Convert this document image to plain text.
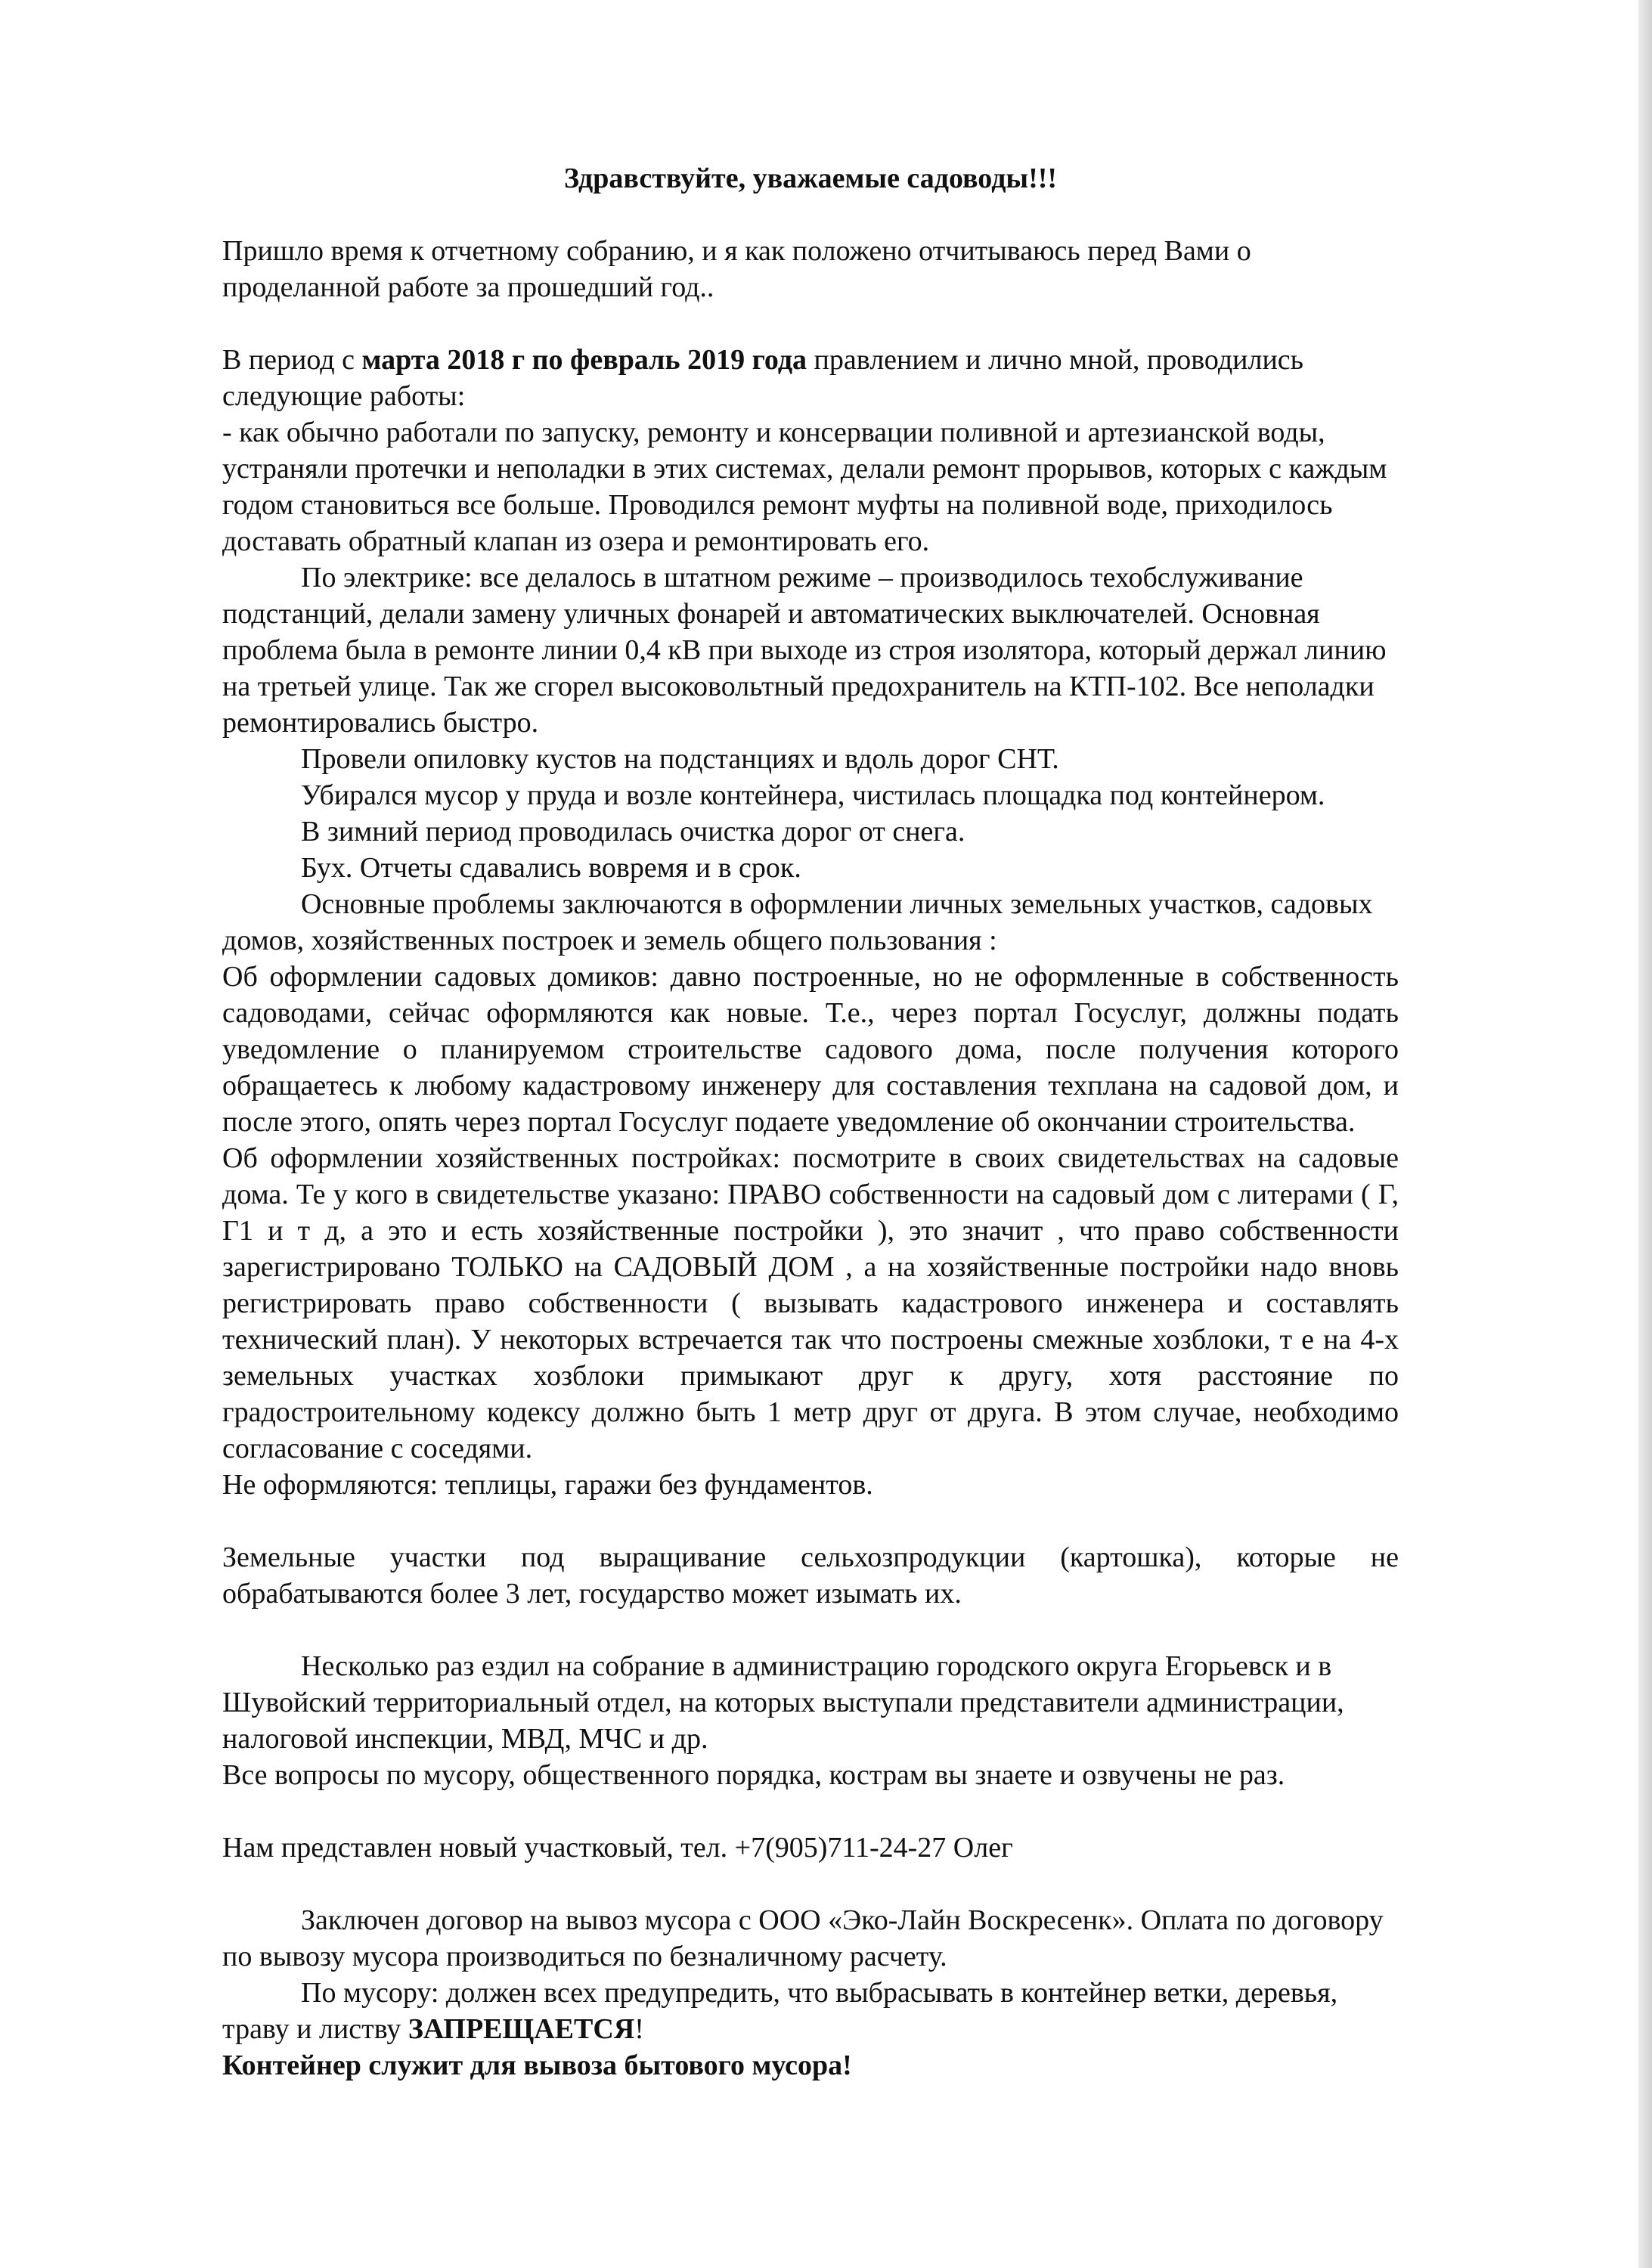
Здравствуйте, уважаемые садоводы!!!

Пришло время к отчетному собранию, и я как положено отчитываюсь перед Вами о проделанной работе за прошедший год..

В период с марта 2018 г по февраль 2019 года правлением и лично мной, проводились следующие работы:

- как обычно работали по запуску, ремонту и консервации поливной и артезианской воды, устраняли протечки и неполадки в этих системах, делали ремонт прорывов, которых с каждым годом становиться все больше. Проводился ремонт муфты на поливной воде, приходилось доставать обратный клапан из озера и ремонтировать его.

По электрике: все делалось в штатном режиме – производилось техобслуживание подстанций, делали замену уличных фонарей и автоматических выключателей. Основная проблема была в ремонте линии 0,4 кВ при выходе из строя изолятора, который держал линию на третьей улице. Так же сгорел высоковольтный предохранитель на КТП-102. Все неполадки ремонтировались быстро.

Провели опиловку кустов на подстанциях и вдоль дорог СНТ.

Убирался мусор у пруда и возле контейнера, чистилась площадка под контейнером.

В зимний период проводилась очистка дорог от снега.

Бух. Отчеты сдавались вовремя и в срок.

Основные проблемы заключаются в оформлении личных земельных участков, садовых домов, хозяйственных построек и земель общего пользования :

Об оформлении садовых домиков: давно построенные, но не оформленные в собственность садоводами, сейчас оформляются как новые. Т.е., через портал Госуслуг, должны подать уведомление о планируемом строительстве садового дома, после получения которого обращаетесь к любому кадастровому инженеру для составления техплана на садовой дом, и после этого, опять через портал Госуслуг подаете уведомление об окончании строительства.

Об оформлении хозяйственных постройках: посмотрите в своих свидетельствах на садовые дома. Те у кого в свидетельстве указано: ПРАВО собственности на садовый дом с литерами ( Г, Г1 и т д, а это и есть хозяйственные постройки ), это значит , что право собственности зарегистрировано ТОЛЬКО на САДОВЫЙ ДОМ , а на хозяйственные постройки надо вновь регистрировать право собственности ( вызывать кадастрового инженера и составлять технический план). У некоторых встречается так что построены смежные хозблоки, т е на 4-х земельных участках хозблоки примыкают друг к другу, хотя расстояние по градостроительному кодексу должно быть 1 метр друг от друга. В этом случае, необходимо согласование с соседями.

Не оформляются: теплицы, гаражи без фундаментов.

Земельные участки под выращивание сельхозпродукции (картошка), которые не обрабатываются более 3 лет, государство может изымать их.

Несколько раз ездил на собрание в администрацию городского округа Егорьевск и в Шувойский территориальный отдел, на которых выступали представители администрации, налоговой инспекции, МВД, МЧС и др.

Все вопросы по мусору, общественного порядка, кострам вы знаете и озвучены не раз.

Нам представлен новый участковый, тел. +7(905)711-24-27 Олег

Заключен договор на вывоз мусора с ООО «Эко-Лайн Воскресенк». Оплата по договору по вывозу мусора производиться по безналичному расчету.

По мусору: должен всех предупредить, что выбрасывать в контейнер ветки, деревья, траву и листву ЗАПРЕЩАЕТСЯ!

Контейнер служит для вывоза бытового мусора!
